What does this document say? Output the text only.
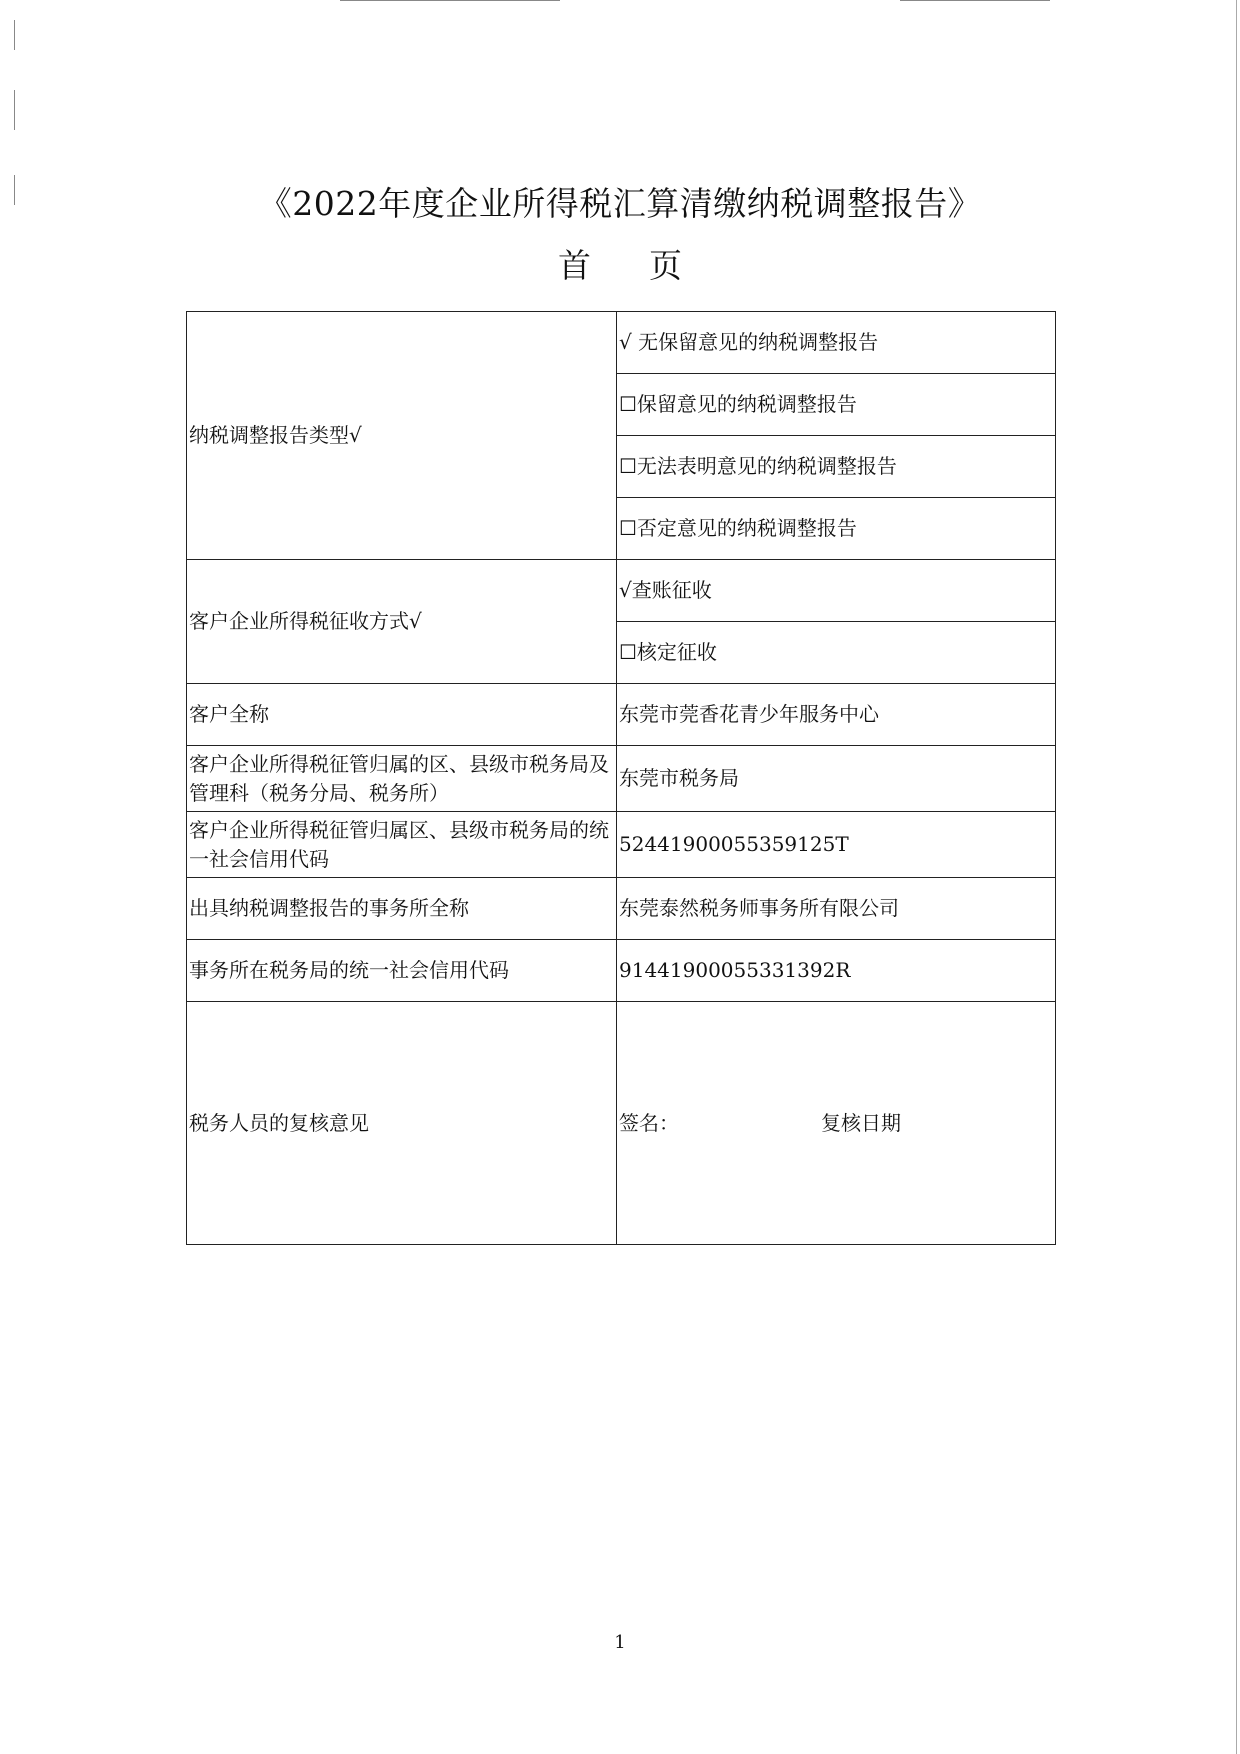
《2022年度企业所得税汇算清缴纳税调整报告》
首 页
纳税调整报告类型√	√ 无保留意见的纳税调整报告
	☐保留意见的纳税调整报告
	☐无法表明意见的纳税调整报告
	☐否定意见的纳税调整报告
客户企业所得税征收方式√	√查账征收
	☐核定征收
客户全称	东莞市莞香花青少年服务中心
客户企业所得税征管归属的区、县级市税务局及管理科（税务分局、税务所）	东莞市税务局
客户企业所得税征管归属区、县级市税务局的统一社会信用代码	52441900055359125T
出具纳税调整报告的事务所全称	东莞泰然税务师事务所有限公司
事务所在税务局的统一社会信用代码	91441900055331392R
税务人员的复核意见	签名： 复核日期
1
